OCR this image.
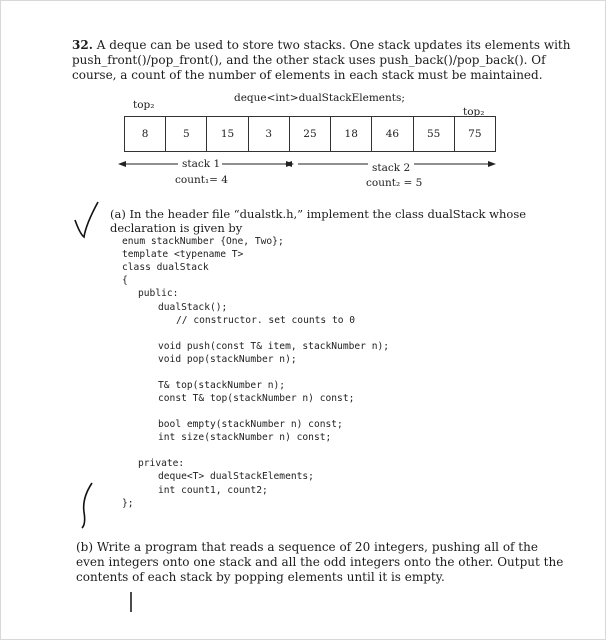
32. A deque can be used to store two stacks. One stack updates its elements with push_front()/pop_front(), and the other stack uses push_back()/pop_back(). Of course, a count of the number of elements in each stack must be maintained.
top₂
deque<int>dualStackElements;
top₂
8	5	15	3	25	18	46	55	75
stack 1
count₁= 4
stack 2
count₂ = 5
(a) In the header file “dualstk.h,” implement the class dualStack whose declaration is given by
enum stackNumber {One, Two};
template <typename T>
class dualStack
{
public:
dualStack();
// constructor. set counts to 0
void push(const T& item, stackNumber n);
void pop(stackNumber n);
T& top(stackNumber n);
const T& top(stackNumber n) const;
bool empty(stackNumber n) const;
int size(stackNumber n) const;
private:
deque<T> dualStackElements;
int count1, count2;
};
(b) Write a program that reads a sequence of 20 integers, pushing all of the even integers onto one stack and all the odd integers onto the other. Output the contents of each stack by popping elements until it is empty.
